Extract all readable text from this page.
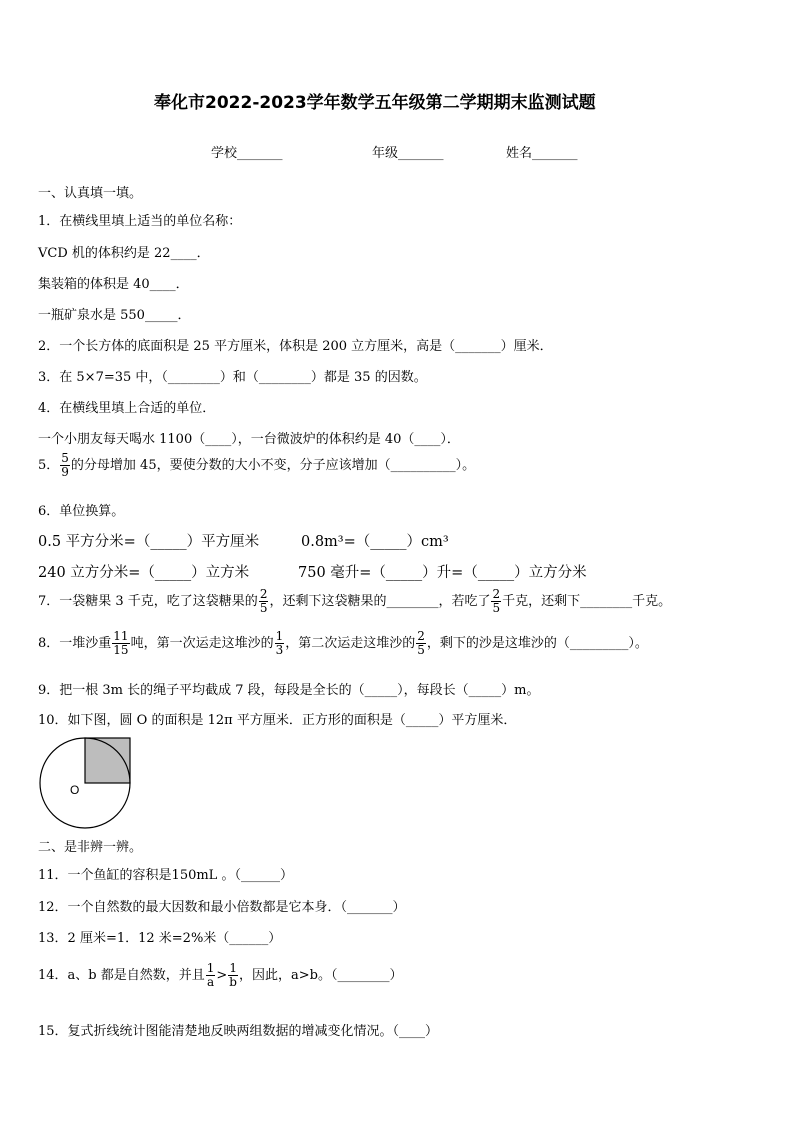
奉化市2022-2023学年数学五年级第二学期期末监测试题
学校_______	年级_______	姓名_______
一、认真填一填。
1．在横线里填上适当的单位名称：
VCD 机的体积约是 22____．
集装箱的体积是 40____．
一瓶矿泉水是 550_____．
2．一个长方体的底面积是 25 平方厘米，体积是 200 立方厘米，高是（_______）厘米．
3．在 5×7=35 中，（________）和（________）都是 35 的因数。
4．在横线里填上合适的单位．
一个小朋友每天喝水 1100（____），一台微波炉的体积约是 40（____）．
5． $\frac{5}{9}$ 的分母增加 45，要使分数的大小不变，分子应该增加（__________）。
6．单位换算。
0.5 平方分米=（_____）平方厘米	0.8m³=（_____）cm³
240 立方分米=（_____）立方米	750 毫升=（_____）升=（_____）立方分米
7．一袋糖果 3 千克，吃了这袋糖果的 $\frac{2}{5}$ ，还剩下这袋糖果的________，若吃了 $\frac{2}{5}$ 千克，还剩下________千克。
8．一堆沙重 $\frac{11}{15}$ 吨，第一次运走这堆沙的 $\frac{1}{3}$ ，第二次运走这堆沙的 $\frac{2}{5}$ ，剩下的沙是这堆沙的（_________）。
9．把一根 3m 长的绳子平均截成 7 段，每段是全长的（_____），每段长（_____）m。
10．如下图，圆 O 的面积是 12π 平方厘米．正方形的面积是（_____）平方厘米．
O
二、是非辨一辨。
11．一个鱼缸的容积是150mL 。（______）
12．一个自然数的最大因数和最小倍数都是它本身．（_______）
13．2 厘米=1．12 米=2%米（______）
14．a、b 都是自然数，并且 $\frac{1}{a} > \frac{1}{b}$ ，因此，a>b。（________）
15．复式折线统计图能清楚地反映两组数据的增减变化情况。（____）
